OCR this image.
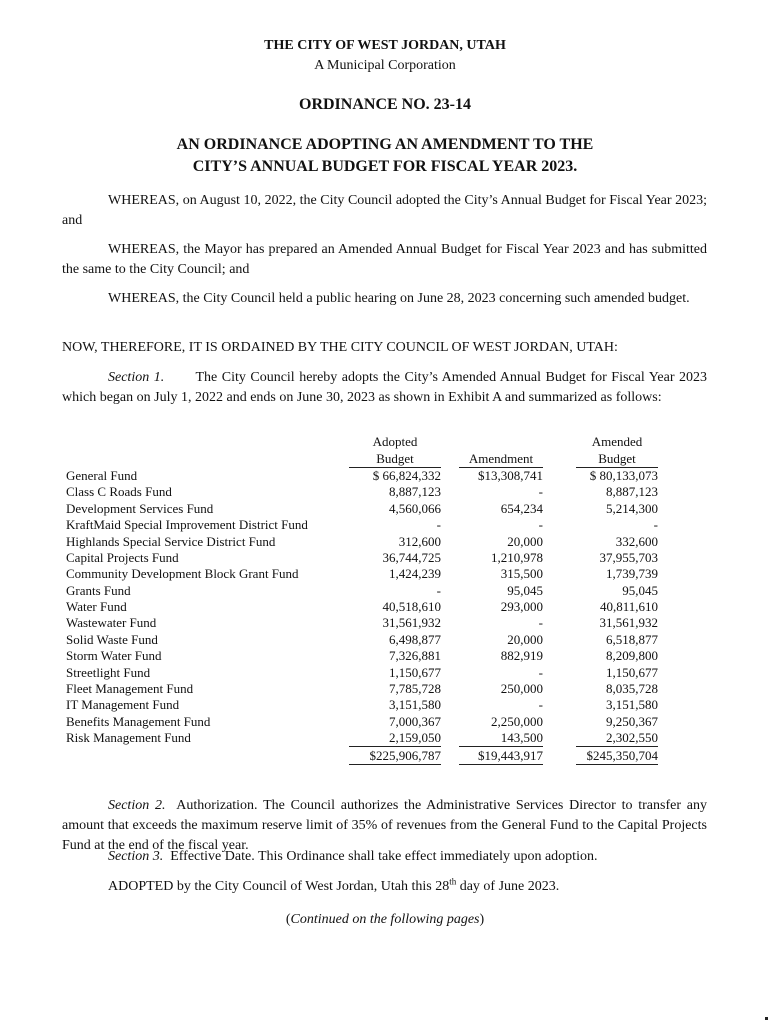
THE CITY OF WEST JORDAN, UTAH
A Municipal Corporation
ORDINANCE NO. 23-14
AN ORDINANCE ADOPTING AN AMENDMENT TO THE
CITY’S ANNUAL BUDGET FOR FISCAL YEAR 2023.
WHEREAS, on August 10, 2022, the City Council adopted the City’s Annual Budget for Fiscal Year 2023; and
WHEREAS, the Mayor has prepared an Amended Annual Budget for Fiscal Year 2023 and has submitted the same to the City Council; and
WHEREAS, the City Council held a public hearing on June 28, 2023 concerning such amended budget.
NOW, THEREFORE, IT IS ORDAINED BY THE CITY COUNCIL OF WEST JORDAN, UTAH:
Section 1. The City Council hereby adopts the City’s Amended Annual Budget for Fiscal Year 2023 which began on July 1, 2022 and ends on June 30, 2023 as shown in Exhibit A and summarized as follows:
	Adopted				Amended
	Budget		Amendment		Budget
General Fund	$ 66,824,332		$13,308,741		$ 80,133,073
Class C Roads Fund	8,887,123		-		8,887,123
Development Services Fund	4,560,066		654,234		5,214,300
KraftMaid Special Improvement District Fund	-		-		-
Highlands Special Service District Fund	312,600		20,000		332,600
Capital Projects Fund	36,744,725		1,210,978		37,955,703
Community Development Block Grant Fund	1,424,239		315,500		1,739,739
Grants Fund	-		95,045		95,045
Water Fund	40,518,610		293,000		40,811,610
Wastewater Fund	31,561,932		-		31,561,932
Solid Waste Fund	6,498,877		20,000		6,518,877
Storm Water Fund	7,326,881		882,919		8,209,800
Streetlight Fund	1,150,677		-		1,150,677
Fleet Management Fund	7,785,728		250,000		8,035,728
IT Management Fund	3,151,580		-		3,151,580
Benefits Management Fund	7,000,367		2,250,000		9,250,367
Risk Management Fund	2,159,050		143,500		2,302,550
	$225,906,787		$19,443,917		$245,350,704
Section 2. Authorization. The Council authorizes the Administrative Services Director to transfer any amount that exceeds the maximum reserve limit of 35% of revenues from the General Fund to the Capital Projects Fund at the end of the fiscal year.
Section 3. Effective Date. This Ordinance shall take effect immediately upon adoption.
ADOPTED by the City Council of West Jordan, Utah this 28th day of June 2023.
(Continued on the following pages)
